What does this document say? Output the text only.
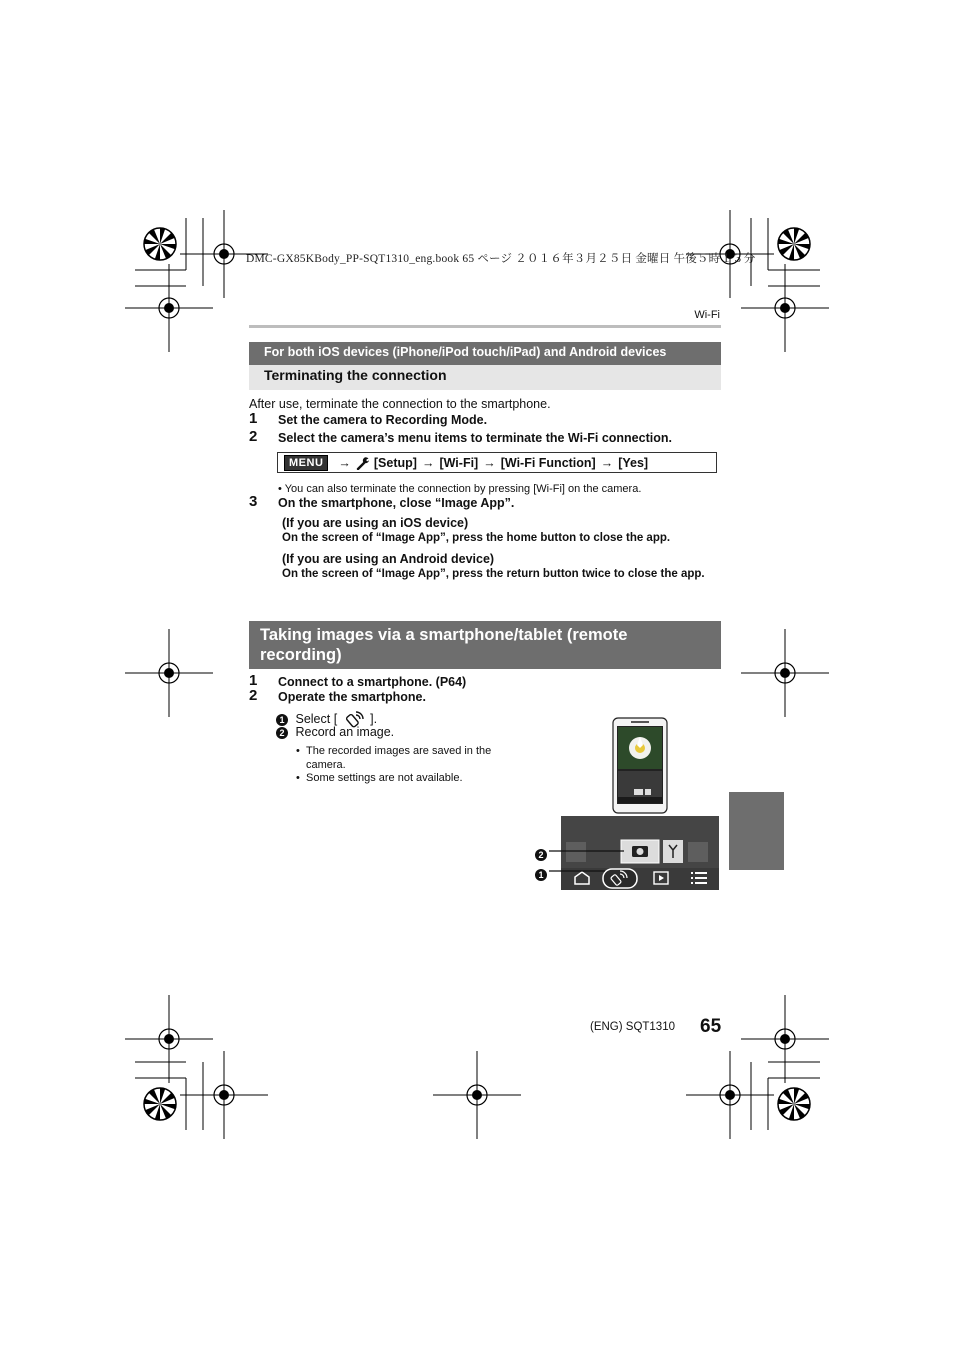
DMC-GX85KBody_PP-SQT1310_eng.book 65 ページ ２０１６年３月２５日 金曜日 午後５時１３分
Wi-Fi
For both iOS devices (iPhone/iPod touch/iPad) and Android devices
Terminating the connection
After use, terminate the connection to the smartphone.
1 Set the camera to Recording Mode.
2 Select the camera’s menu items to terminate the Wi-Fi connection.
MENU	→ [Setup] → [Wi-Fi] → [Wi-Fi Function] → [Yes]
• You can also terminate the connection by pressing [Wi-Fi] on the camera.
3 On the smartphone, close “Image App”.
(If you are using an iOS device)
On the screen of “Image App”, press the home button to close the app.
(If you are using an Android device)
On the screen of “Image App”, press the return button twice to close the app.
Taking images via a smartphone/tablet (remote recording)
1 Connect to a smartphone. (P64)
2 Operate the smartphone.
1 Select [	].
2 Record an image.
• The recorded images are saved in the camera.
• Some settings are not available.
2
1
(ENG) SQT1310 65
